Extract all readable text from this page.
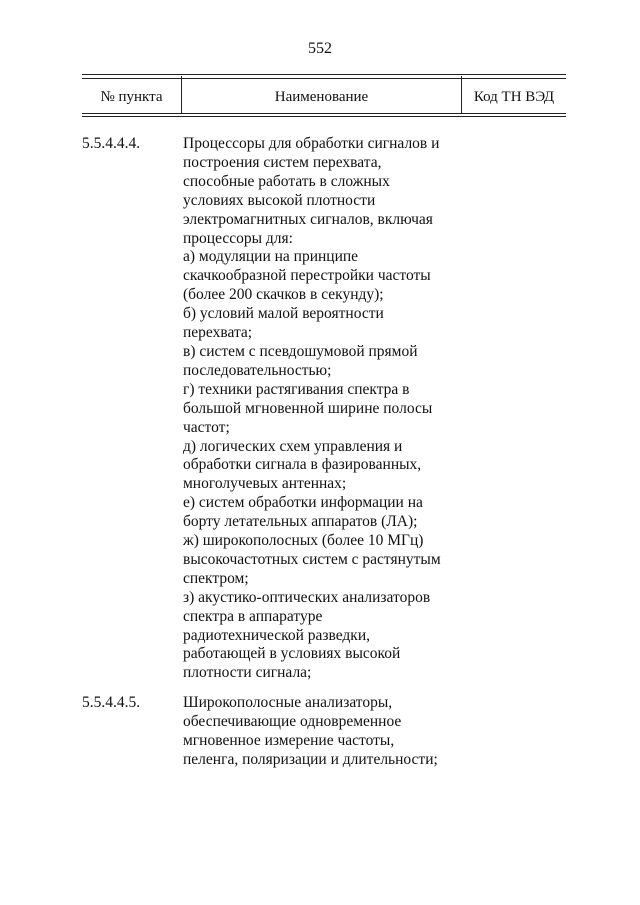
552
№ пункта	Наименование	Код ТН ВЭД
5.5.4.4.4.	Процессоры для обработки сигналов и
построения систем перехвата,
способные работать в сложных
условиях высокой плотности
электромагнитных сигналов, включая
процессоры для:
а) модуляции на принципе
скачкообразной перестройки частоты
(более 200 скачков в секунду);
б) условий малой вероятности
перехвата;
в) систем с псевдошумовой прямой
последовательностью;
г) техники растягивания спектра в
большой мгновенной ширине полосы
частот;
д) логических схем управления и
обработки сигнала в фазированных,
многолучевых антеннах;
е) систем обработки информации на
борту летательных аппаратов (ЛА);
ж) широкополосных (более 10 МГц)
высокочастотных систем с растянутым
спектром;
з) акустико-оптических анализаторов
спектра в аппаратуре
радиотехнической разведки,
работающей в условиях высокой
плотности сигнала;
5.5.4.4.5.	Широкополосные анализаторы,
обеспечивающие одновременное
мгновенное измерение частоты,
пеленга, поляризации и длительности;
